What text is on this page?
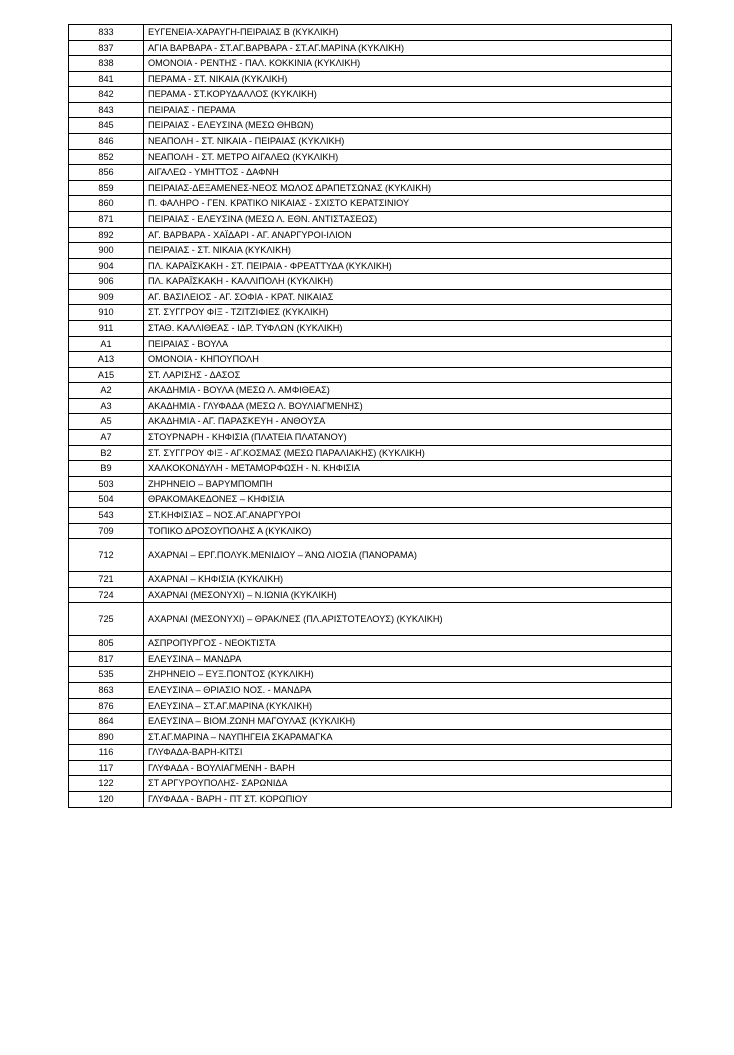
833	ΕΥΓΕΝΕΙΑ-ΧΑΡΑΥΓΗ-ΠΕΙΡΑΙΑΣ Β (ΚΥΚΛΙΚΗ)
837	ΑΓΙΑ ΒΑΡΒΑΡΑ - ΣΤ.ΑΓ.ΒΑΡΒΑΡΑ - ΣΤ.ΑΓ.ΜΑΡΙΝΑ (ΚΥΚΛΙΚΗ)
838	ΟΜΟΝΟΙΑ - ΡΕΝΤΗΣ - ΠΑΛ. ΚΟΚΚΙΝΙΑ (ΚΥΚΛΙΚΗ)
841	ΠΕΡΑΜΑ - ΣΤ. ΝΙΚΑΙΑ (ΚΥΚΛΙΚΗ)
842	ΠΕΡΑΜΑ - ΣΤ.ΚΟΡΥΔΑΛΛΟΣ (ΚΥΚΛΙΚΗ)
843	ΠΕΙΡΑΙΑΣ - ΠΕΡΑΜΑ
845	ΠΕΙΡΑΙΑΣ - ΕΛΕΥΣΙΝΑ (ΜΕΣΩ ΘΗΒΩΝ)
846	ΝΕΑΠΟΛΗ - ΣΤ. ΝΙΚΑΙΑ - ΠΕΙΡΑΙΑΣ (ΚΥΚΛΙΚΗ)
852	ΝΕΑΠΟΛΗ - ΣΤ. ΜΕΤΡΟ ΑΙΓΑΛΕΩ (ΚΥΚΛΙΚΗ)
856	ΑΙΓΑΛΕΩ - ΥΜΗΤΤΟΣ - ΔΑΦΝΗ
859	ΠΕΙΡΑΙΑΣ-ΔΕΞΑΜΕΝΕΣ-ΝΕΟΣ ΜΩΛΟΣ ΔΡΑΠΕΤΣΩΝΑΣ (ΚΥΚΛΙΚΗ)
860	Π. ΦΑΛΗΡΟ - ΓΕΝ. ΚΡΑΤΙΚΟ ΝΙΚΑΙΑΣ - ΣΧΙΣΤΟ ΚΕΡΑΤΣΙΝΙΟΥ
871	ΠΕΙΡΑΙΑΣ - ΕΛΕΥΣΙΝΑ (ΜΕΣΩ Λ. ΕΘΝ. ΑΝΤΙΣΤΑΣΕΩΣ)
892	ΑΓ. ΒΑΡΒΑΡΑ - ΧΑΪΔΑΡΙ - ΑΓ. ΑΝΑΡΓΥΡΟΙ-ΙΛΙΟΝ
900	ΠΕΙΡΑΙΑΣ - ΣΤ. ΝΙΚΑΙΑ (ΚΥΚΛΙΚΗ)
904	ΠΛ. ΚΑΡΑΪΣΚΑΚΗ - ΣΤ. ΠΕΙΡΑΙΑ - ΦΡΕΑΤΤΥΔΑ (ΚΥΚΛΙΚΗ)
906	ΠΛ. ΚΑΡΑΪΣΚΑΚΗ - ΚΑΛΛΙΠΟΛΗ (ΚΥΚΛΙΚΗ)
909	ΑΓ. ΒΑΣΙΛΕΙΟΣ - ΑΓ. ΣΟΦΙΑ - ΚΡΑΤ. ΝΙΚΑΙΑΣ
910	ΣΤ. ΣΥΓΓΡΟΥ ΦΙΞ - ΤΖΙΤΖΙΦΙΕΣ (ΚΥΚΛΙΚΗ)
911	ΣΤΑΘ. ΚΑΛΛΙΘΕΑΣ - ΙΔΡ. ΤΥΦΛΩΝ (ΚΥΚΛΙΚΗ)
Α1	ΠΕΙΡΑΙΑΣ - ΒΟΥΛΑ
Α13	ΟΜΟΝΟΙΑ - ΚΗΠΟΥΠΟΛΗ
Α15	ΣΤ. ΛΑΡΙΣΗΣ - ΔΑΣΟΣ
Α2	ΑΚΑΔΗΜΙΑ - ΒΟΥΛΑ (ΜΕΣΩ Λ. ΑΜΦΙΘΕΑΣ)
Α3	ΑΚΑΔΗΜΙΑ - ΓΛΥΦΑΔΑ (ΜΕΣΩ Λ. ΒΟΥΛΙΑΓΜΕΝΗΣ)
Α5	ΑΚΑΔΗΜΙΑ - ΑΓ. ΠΑΡΑΣΚΕΥΗ - ΑΝΘΟΥΣΑ
Α7	ΣΤΟΥΡΝΑΡΗ - ΚΗΦΙΣΙΑ (ΠΛΑΤΕΙΑ ΠΛΑΤΑΝΟΥ)
Β2	ΣΤ. ΣΥΓΓΡΟΥ ΦΙΞ - ΑΓ.ΚΟΣΜΑΣ (ΜΕΣΩ ΠΑΡΑΛΙΑΚΗΣ) (ΚΥΚΛΙΚΗ)
Β9	ΧΑΛΚΟΚΟΝΔΥΛΗ - ΜΕΤΑΜΟΡΦΩΣΗ - Ν. ΚΗΦΙΣΙΑ
503	ΖΗΡΗΝΕΙΟ – ΒΑΡΥΜΠΟΜΠΗ
504	ΘΡΑΚΟΜΑΚΕΔΟΝΕΣ – ΚΗΦΙΣΙΑ
543	ΣΤ.ΚΗΦΙΣΙΑΣ – ΝΟΣ.ΑΓ.ΑΝΑΡΓΥΡΟΙ
709	ΤΟΠΙΚΟ ΔΡΟΣΟΥΠΟΛΗΣ Α (ΚΥΚΛΙΚΟ)
712	ΑΧΑΡΝΑΙ – ΕΡΓ.ΠΟΛΥΚ.ΜΕΝΙΔΙΟΥ – ΆΝΩ ΛΙΟΣΙΑ (ΠΑΝΟΡΑΜΑ)
721	ΑΧΑΡΝΑΙ – ΚΗΦΙΣΙΑ (ΚΥΚΛΙΚΗ)
724	ΑΧΑΡΝΑΙ (ΜΕΣΟΝΥΧΙ) – Ν.ΙΩΝΙΑ (ΚΥΚΛΙΚΗ)
725	ΑΧΑΡΝΑΙ (ΜΕΣΟΝΥΧΙ) – ΘΡΑΚ/ΝΕΣ (ΠΛ.ΑΡΙΣΤΟΤΕΛΟΥΣ) (ΚΥΚΛΙΚΗ)
805	ΑΣΠΡΟΠΥΡΓΟΣ - ΝΕΟΚΤΙΣΤΑ
817	ΕΛΕΥΣΙΝΑ – ΜΑΝΔΡΑ
535	ΖΗΡΗΝΕΙΟ – ΕΥΞ.ΠΟΝΤΟΣ (ΚΥΚΛΙΚΗ)
863	ΕΛΕΥΣΙΝΑ – ΘΡΙΑΣΙΟ ΝΟΣ. - ΜΑΝΔΡΑ
876	ΕΛΕΥΣΙΝΑ – ΣΤ.ΑΓ.ΜΑΡΙΝΑ (ΚΥΚΛΙΚΗ)
864	ΕΛΕΥΣΙΝΑ – ΒΙΟΜ.ΖΩΝΗ ΜΑΓΟΥΛΑΣ (ΚΥΚΛΙΚΗ)
890	ΣΤ.ΑΓ.ΜΑΡΙΝΑ – ΝΑΥΠΗΓΕΙΑ ΣΚΑΡΑΜΑΓΚΑ
116	ΓΛΥΦΑΔΑ-ΒΑΡΗ-ΚΙΤΣΙ
117	ΓΛΥΦΑΔΑ - ΒΟΥΛΙΑΓΜΕΝΗ - ΒΑΡΗ
122	ΣΤ ΑΡΓΥΡΟΥΠΟΛΗΣ- ΣΑΡΩΝΙΔΑ
120	ΓΛΥΦΑΔΑ - ΒΑΡΗ - ΠΤ ΣΤ. ΚΟΡΩΠΙΟΥ
